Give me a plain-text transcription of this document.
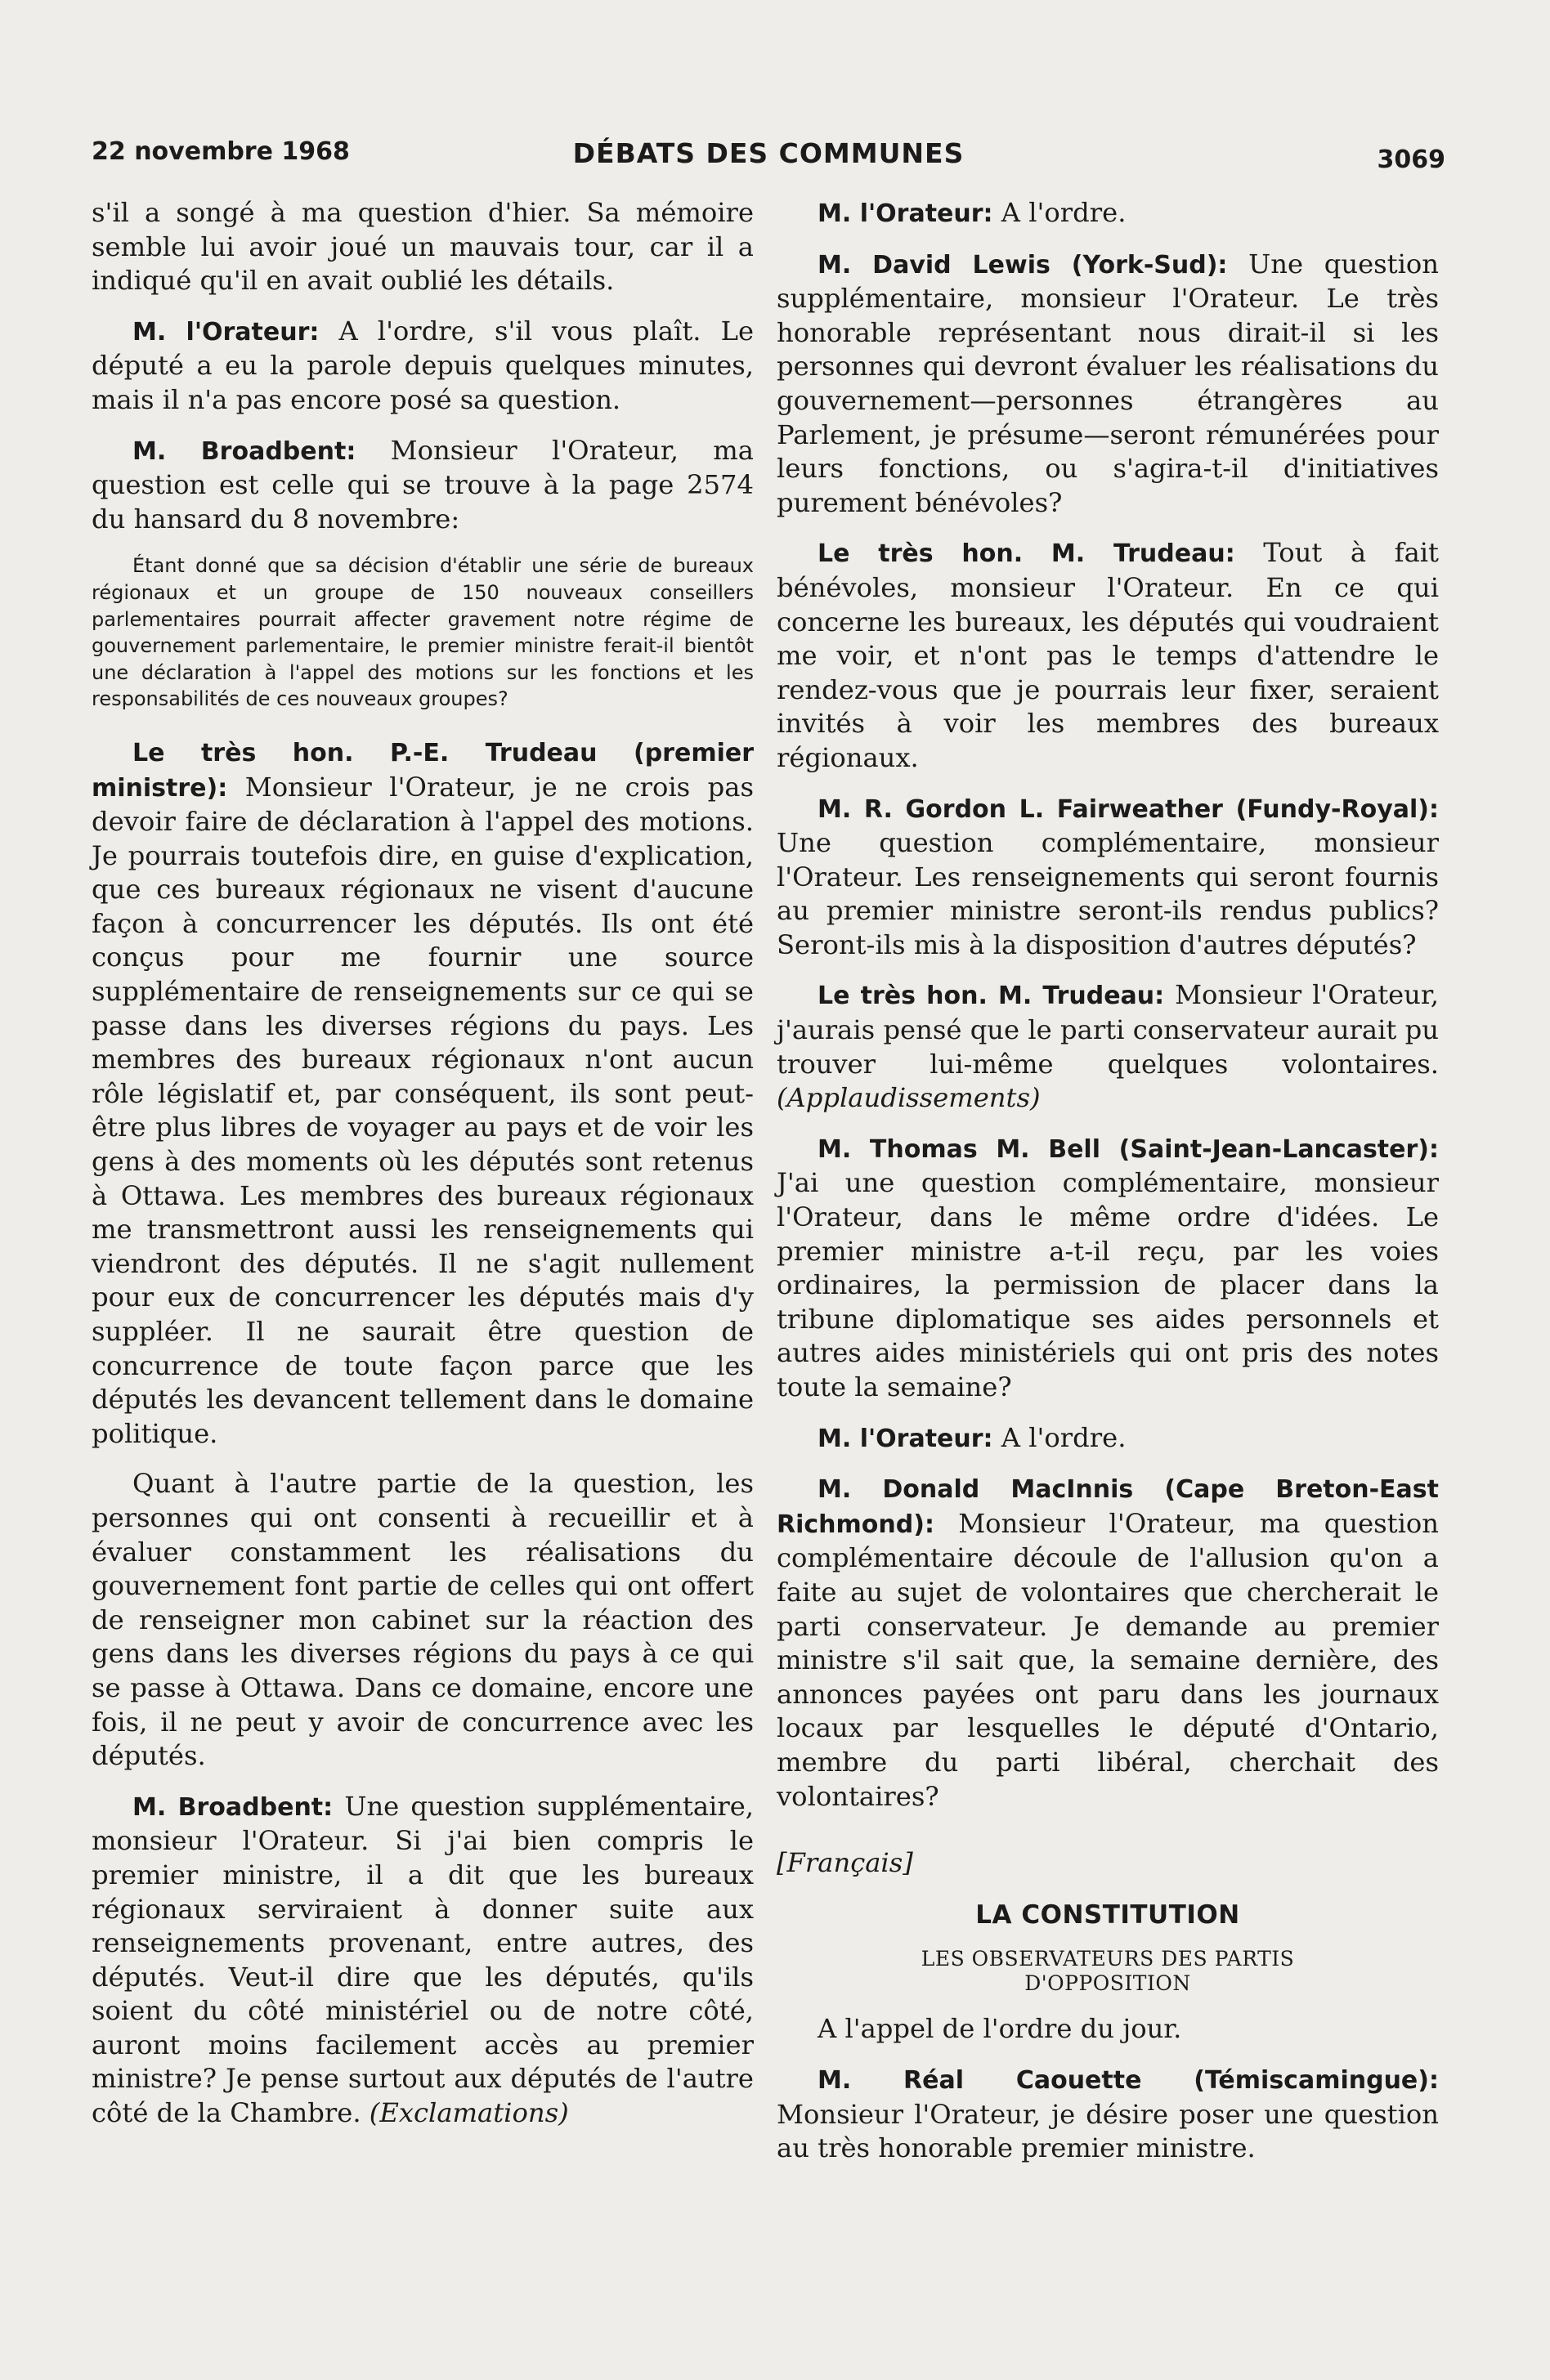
22 novembre 1968	DÉBATS DES COMMUNES	3069

s'il a songé à ma question d'hier. Sa mémoire semble lui avoir joué un mauvais tour, car il a indiqué qu'il en avait oublié les détails.

M. l'Orateur: A l'ordre, s'il vous plaît. Le député a eu la parole depuis quelques minutes, mais il n'a pas encore posé sa question.

M. Broadbent: Monsieur l'Orateur, ma question est celle qui se trouve à la page 2574 du hansard du 8 novembre:

Étant donné que sa décision d'établir une série de bureaux régionaux et un groupe de 150 nouveaux conseillers parlementaires pourrait affecter gravement notre régime de gouvernement parlementaire, le premier ministre ferait-il bientôt une déclaration à l'appel des motions sur les fonctions et les responsabilités de ces nouveaux groupes?

Le très hon. P.-E. Trudeau (premier ministre): Monsieur l'Orateur, je ne crois pas devoir faire de déclaration à l'appel des motions. Je pourrais toutefois dire, en guise d'explication, que ces bureaux régionaux ne visent d'aucune façon à concurrencer les députés. Ils ont été conçus pour me fournir une source supplémentaire de renseignements sur ce qui se passe dans les diverses régions du pays. Les membres des bureaux régionaux n'ont aucun rôle législatif et, par conséquent, ils sont peut-être plus libres de voyager au pays et de voir les gens à des moments où les députés sont retenus à Ottawa. Les membres des bureaux régionaux me transmettront aussi les renseignements qui viendront des députés. Il ne s'agit nullement pour eux de concurrencer les députés mais d'y suppléer. Il ne saurait être question de concurrence de toute façon parce que les députés les devancent tellement dans le domaine politique.

Quant à l'autre partie de la question, les personnes qui ont consenti à recueillir et à évaluer constamment les réalisations du gouvernement font partie de celles qui ont offert de renseigner mon cabinet sur la réaction des gens dans les diverses régions du pays à ce qui se passe à Ottawa. Dans ce domaine, encore une fois, il ne peut y avoir de concurrence avec les députés.

M. Broadbent: Une question supplémentaire, monsieur l'Orateur. Si j'ai bien compris le premier ministre, il a dit que les bureaux régionaux serviraient à donner suite aux renseignements provenant, entre autres, des députés. Veut-il dire que les députés, qu'ils soient du côté ministériel ou de notre côté, auront moins facilement accès au premier ministre? Je pense surtout aux députés de l'autre côté de la Chambre. (Exclamations)

M. l'Orateur: A l'ordre.

M. David Lewis (York-Sud): Une question supplémentaire, monsieur l'Orateur. Le très honorable représentant nous dirait-il si les personnes qui devront évaluer les réalisations du gouvernement—personnes étrangères au Parlement, je présume—seront rémunérées pour leurs fonctions, ou s'agira-t-il d'initiatives purement bénévoles?

Le très hon. M. Trudeau: Tout à fait bénévoles, monsieur l'Orateur. En ce qui concerne les bureaux, les députés qui voudraient me voir, et n'ont pas le temps d'attendre le rendez-vous que je pourrais leur fixer, seraient invités à voir les membres des bureaux régionaux.

M. R. Gordon L. Fairweather (Fundy-Royal): Une question complémentaire, monsieur l'Orateur. Les renseignements qui seront fournis au premier ministre seront-ils rendus publics? Seront-ils mis à la disposition d'autres députés?

Le très hon. M. Trudeau: Monsieur l'Orateur, j'aurais pensé que le parti conservateur aurait pu trouver lui-même quelques volontaires. (Applaudissements)

M. Thomas M. Bell (Saint-Jean-Lancaster): J'ai une question complémentaire, monsieur l'Orateur, dans le même ordre d'idées. Le premier ministre a-t-il reçu, par les voies ordinaires, la permission de placer dans la tribune diplomatique ses aides personnels et autres aides ministériels qui ont pris des notes toute la semaine?

M. l'Orateur: A l'ordre.

M. Donald MacInnis (Cape Breton-East Richmond): Monsieur l'Orateur, ma question complémentaire découle de l'allusion qu'on a faite au sujet de volontaires que chercherait le parti conservateur. Je demande au premier ministre s'il sait que, la semaine dernière, des annonces payées ont paru dans les journaux locaux par lesquelles le député d'Ontario, membre du parti libéral, cherchait des volontaires?

[Français]

LA CONSTITUTION
LES OBSERVATEURS DES PARTIS
D'OPPOSITION

A l'appel de l'ordre du jour.

M. Réal Caouette (Témiscamingue): Monsieur l'Orateur, je désire poser une question au très honorable premier ministre.
